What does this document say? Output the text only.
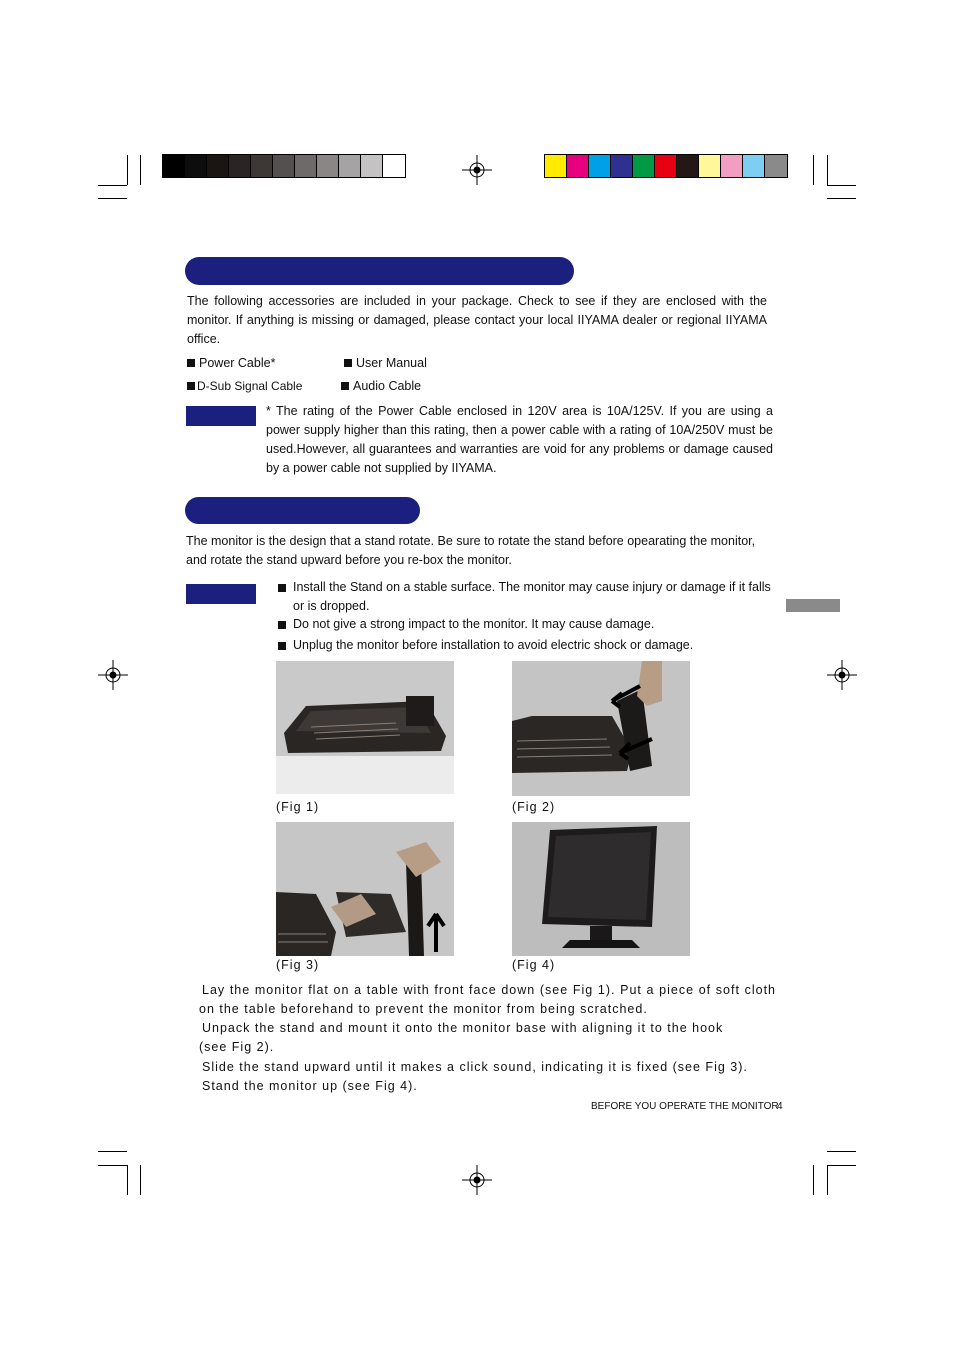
The following accessories are included in your package. Check to see if they are enclosed with the monitor. If anything is missing or damaged, please contact your local IIYAMA dealer or regional IIYAMA office.
Power Cable*	User Manual
D-Sub Signal Cable	Audio Cable
* The rating of the Power Cable enclosed in 120V area is 10A/125V. If you are using a power supply higher than this rating, then a power cable with a rating of 10A/250V must be used.However, all guarantees and warranties are void for any problems or damage caused by a power cable not supplied by IIYAMA.
The monitor is the design that a stand rotate. Be sure to rotate the stand before opearating the monitor, and rotate the stand upward before you re-box the monitor.
Install the Stand on a stable surface. The monitor may cause injury or damage if it falls or is dropped.
Do not give a strong impact to the monitor. It may cause damage.
Unplug the monitor before installation to avoid electric shock or damage.
(Fig 1)	(Fig 2)
(Fig 3)	(Fig 4)
Lay the monitor flat on a table with front face down (see Fig 1). Put a piece of soft cloth on the table beforehand to prevent the monitor from being scratched.
Unpack the stand and mount it onto the monitor base with aligning it to the hook
(see Fig 2).
Slide the stand upward until it makes a click sound, indicating it is fixed (see Fig 3).
Stand the monitor up (see Fig 4).
BEFORE YOU OPERATE THE MONITOR
4
